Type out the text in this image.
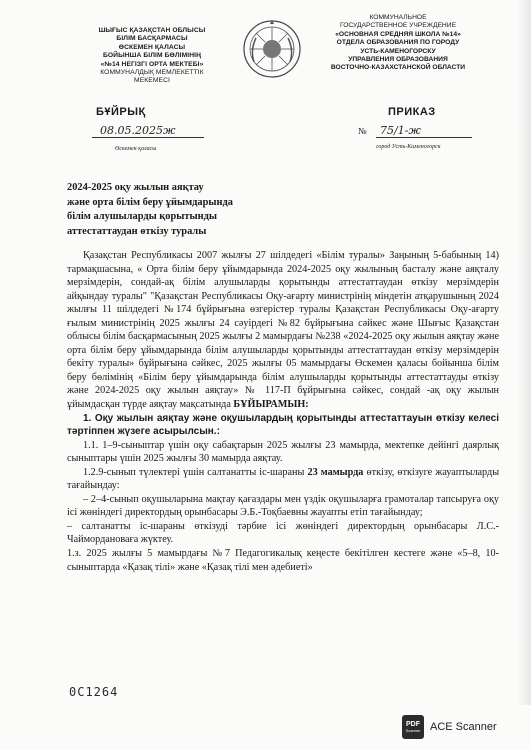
ШЫҒЫС ҚАЗАҚСТАН ОБЛЫСЫ
БІЛІМ БАСҚАРМАСЫ
ӨСКЕМЕН ҚАЛАСЫ
БОЙЫНША БІЛІМ БӨЛІМІНІҢ
«№14 НЕГІЗГІ ОРТА МЕКТЕБІ»
КОММУНАЛДЫҚ МЕМЛЕКЕТТІК
МЕКЕМЕСІ
КОММУНАЛЬНОЕ
ГОСУДАРСТВЕННОЕ УЧРЕЖДЕНИЕ
«ОСНОВНАЯ СРЕДНЯЯ ШКОЛА №14»
ОТДЕЛА ОБРАЗОВАНИЯ ПО ГОРОДУ
УСТЬ-КАМЕНОГОРСКУ
УПРАВЛЕНИЯ ОБРАЗОВАНИЯ
ВОСТОЧНО-КАЗАХСТАНСКОЙ ОБЛАСТИ
БҰЙРЫҚ	ПРИКАЗ
08.05.2025ж	№ 75/1-ж
Өскемен қаласы	город Усть-Каменогорск
2024-2025 оқу жылын аяқтау
және орта білім беру ұйымдарында
білім алушыларды қорытынды
аттестаттаудан өткізу туралы

Қазақстан Республикасы 2007 жылғы 27 шілдедегі «Білім туралы» Заңының 5-бабының 14) тармақшасына, « Орта білім беру ұйымдарында 2024-2025 оқу жылының басталу және аяқталу мерзімдерін, сондай-ақ білім алушыларды қорытынды аттестаттаудан өткізу мерзімдерін айқындау туралы" "Қазақстан Республикасы Оқу-ағарту министрінің міндетін атқарушының 2024 жылғы 11 шілдедегі №174 бұйрығына өзгерістер туралы Қазақстан Республикасы Оқу-ағарту ғылым министрінің 2025 жылғы 24 сәуірдегі №82 бұйрығына сәйкес және Шығыс Қазақстан облысы білім басқармасының 2025 жылғы 2 мамырдағы №238 «2024-2025 оқу жылын аяқтау және орта білім беру ұйымдарында білім алушыларды қорытынды аттестаттаудан өткізу мерзімдерін бекіту туралы» бұйрығына сәйкес, 2025 жылғы 05 мамырдағы Өскемен қаласы бойынша білім беру бөлімінің «Білім беру ұйымдарында білім алушыларды қорытынды аттестаттауды өткізу және 2024-2025 оқу жылын аяқтау» № 117-П бұйрығына сәйкес, сондай -ақ оқу жылын ұйымдасқан түрде аяқтау мақсатында БҰЙЫРАМЫН:

1. Оқу жылын аяқтау және оқушылардың қорытынды аттестаттауын өткізу келесі тәртіппен жүзеге асырылсын.:

1.1. 1–9-сыныптар үшін оқу сабақтарын 2025 жылғы 23 мамырда, мектепке дейінгі даярлық сыныптары үшін 2025 жылғы 30 мамырда аяқтау.

1.2.9-сынып түлектері үшін салтанатты іс-шараны 23 мамырда өткізу, өткізуге жауаптыларды тағайындау:

– 2–4-сынып оқушыларына мақтау қағаздары мен үздік оқушыларға грамоталар тапсыруға оқу ісі жөніндегі директордың орынбасары Э.Б.-Тоқбаевны жауапты етіп тағайындау;

– салтанатты іс-шараны өткізуді тәрбие ісі жөніндегі директордың орынбасары Л.С.-Чаймордановаға жүктеу.

1.з. 2025 жылғы 5 мамырдағы №7 Педагогикалық кеңесте бекітілген кестеге және «5–8, 10-сыныптарда «Қазақ тілі» және «Қазақ тілі мен әдебиеті»

0C1264
PDF
Scanner ACE Scanner
